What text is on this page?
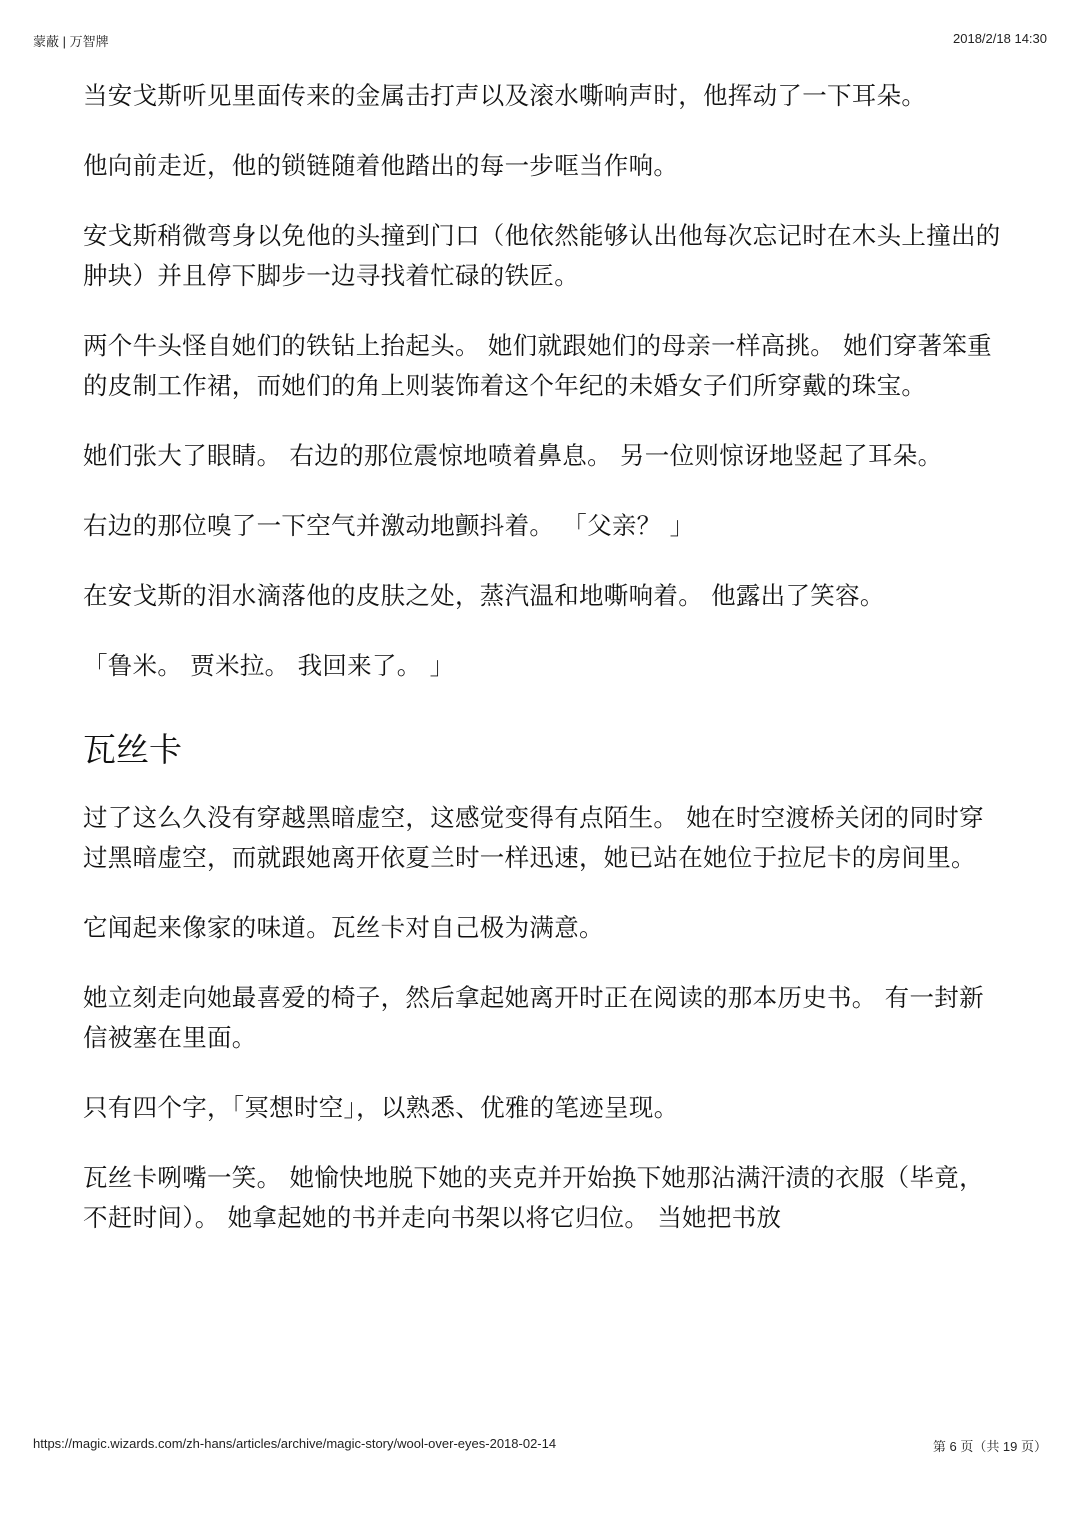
蒙蔽 | 万智牌	2018/2/18 14:30

当安戈斯听见里面传来的金属击打声以及滚水嘶响声时，他挥动了一下耳朵。

他向前走近，他的锁链随着他踏出的每一步哐当作响。

安戈斯稍微弯身以免他的头撞到门口（他依然能够认出他每次忘记时在木头上撞出的肿块）并且停下脚步一边寻找着忙碌的铁匠。

两个牛头怪自她们的铁钻上抬起头。 她们就跟她们的母亲一样高挑。 她们穿著笨重的皮制工作裙，而她们的角上则装饰着这个年纪的未婚女子们所穿戴的珠宝。

她们张大了眼睛。 右边的那位震惊地喷着鼻息。 另一位则惊讶地竖起了耳朵。

右边的那位嗅了一下空气并激动地颤抖着。 「父亲？ 」

在安戈斯的泪水滴落他的皮肤之处，蒸汽温和地嘶响着。 他露出了笑容。

「鲁米。 贾米拉。 我回来了。 」

瓦丝卡

过了这么久没有穿越黑暗虚空，这感觉变得有点陌生。 她在时空渡桥关闭的同时穿过黑暗虚空，而就跟她离开依夏兰时一样迅速，她已站在她位于拉尼卡的房间里。

它闻起来像家的味道。瓦丝卡对自己极为满意。

她立刻走向她最喜爱的椅子，然后拿起她离开时正在阅读的那本历史书。 有一封新信被塞在里面。

只有四个字，「冥想时空」，以熟悉、优雅的笔迹呈现。

瓦丝卡咧嘴一笑。 她愉快地脱下她的夹克并开始换下她那沾满汗渍的衣服（毕竟，不赶时间）。 她拿起她的书并走向书架以将它归位。 当她把书放

https://magic.wizards.com/zh-hans/articles/archive/magic-story/wool-over-eyes-2018-02-14	第 6 页（共 19 页）
